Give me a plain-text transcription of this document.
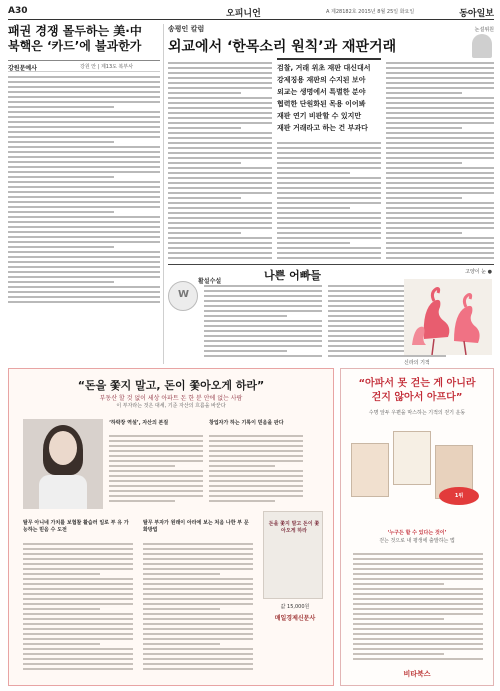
A30	오피니언	A 제28182호 2015년 8월 25일 화요일	동아일보
패권 경쟁 몰두하는 美·中
북핵은 ‘카드’에 불과한가
강원문예사	강원 안 | 제13도 복부사
송평인 칼럼	논설위원
외교에서 ‘한목소리 원칙’과 재판거래
검찰, 거래 위초 재판 대신대서
강제징용 재판의 수지된 보아
외교는 생명에서 특별한 분야
협력한 단원화된 목용 이어봐
재판 연기 비판할 수 있지만
재판 거래라고 하는 건 부과다
W
활설수설	나쁜 어빠들	고양이 눈 ●
신라의 기적
“돈을 쫓지 말고, 돈이 쫓아오게 하라”
부동산 할 것 없이 세상 아파트 돈 한 분 안에 없는 사람
이 부자라는 것은 대세, 기준 자산의 흐름을 바꾼다
‘하락장 역설’, 자산의 본질	창업자가 하는 기록이 믿음을 판다
탈무 아니네 가치를 보협찰 활습러 일로 부 유 가능하는 믿음 수 도전
탈무 부자가 원래이 아라에 보는 처음 나한 부 문화방법
돈을 쫓지 말고 돈이 쫓아오게 하라
값 15,000원
매일경제신문사
“아파서 못 걷는 게 아니라
걷지 않아서 아프다”
수명 앞두 우편을 막스하는 기적의 걷기 운동
1위
‘누구든 할 수 있다는 것이’
걷는 것으로 내 평생에 출발하는 법
비타북스
